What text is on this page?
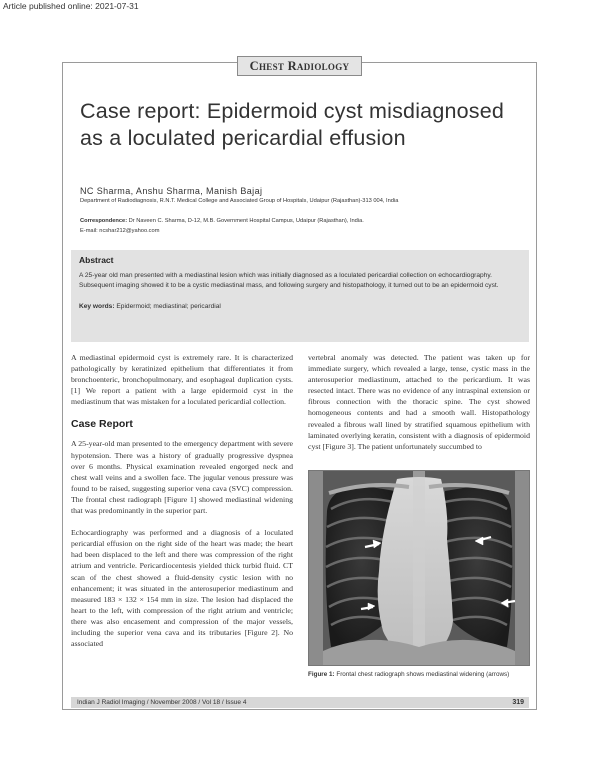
Article published online: 2021-07-31
Chest Radiology
Case report: Epidermoid cyst misdiagnosed as a loculated pericardial effusion
NC Sharma, Anshu Sharma, Manish Bajaj
Department of Radiodiagnosis, R.N.T. Medical College and Associated Group of Hospitals, Udaipur (Rajasthan)-313 004, India
Correspondence: Dr Naveen C. Sharma, D-12, M.B. Government Hospital Campus, Udaipur (Rajasthan), India.
E-mail: ncshar212@yahoo.com
Abstract
A 25-year old man presented with a mediastinal lesion which was initially diagnosed as a loculated pericardial collection on echocardiography. Subsequent imaging showed it to be a cystic mediastinal mass, and following surgery and histopathology, it turned out to be an epidermoid cyst.
Key words: Epidermoid; mediastinal; pericardial

A mediastinal epidermoid cyst is extremely rare. It is characterized pathologically by keratinized epithelium that differentiates it from bronchoenteric, bronchopulmonary, and esophageal duplication cysts.[1] We report a patient with a large epidermoid cyst in the mediastinum that was mistaken for a loculated pericardial collection.

Case Report

A 25-year-old man presented to the emergency department with severe hypotension. There was a history of gradually progressive dyspnea over 6 months. Physical examination revealed engorged neck and chest wall veins and a swollen face. The jugular venous pressure was found to be raised, suggesting superior vena cava (SVC) compression. The frontal chest radiograph [Figure 1] showed mediastinal widening that was predominantly in the superior part.

Echocardiography was performed and a diagnosis of a loculated pericardial effusion on the right side of the heart was made; the heart had been displaced to the left and there was compression of the right atrium and ventricle. Pericardiocentesis yielded thick turbid fluid. CT scan of the chest showed a fluid-density cystic lesion with no enhancement; it was situated in the anterosuperior mediastinum and measured 183 × 132 × 154 mm in size. The lesion had displaced the heart to the left, with compression of the right atrium and ventricle; there was also encasement and compression of the major vessels, including the superior vena cava and its tributaries [Figure 2]. No associated

vertebral anomaly was detected. The patient was taken up for immediate surgery, which revealed a large, tense, cystic mass in the anterosuperior mediastinum, attached to the pericardium. It was resected intact. There was no evidence of any intraspinal extension or fibrous connection with the thoracic spine. The cyst showed homogeneous contents and had a smooth wall. Histopathology revealed a fibrous wall lined by stratified squamous epithelium with laminated overlying keratin, consistent with a diagnosis of epidermoid cyst [Figure 3]. The patient unfortunately succumbed to

Figure 1: Frontal chest radiograph shows mediastinal widening (arrows)
Indian J Radiol Imaging / November 2008 / Vol 18 / Issue 4	319
